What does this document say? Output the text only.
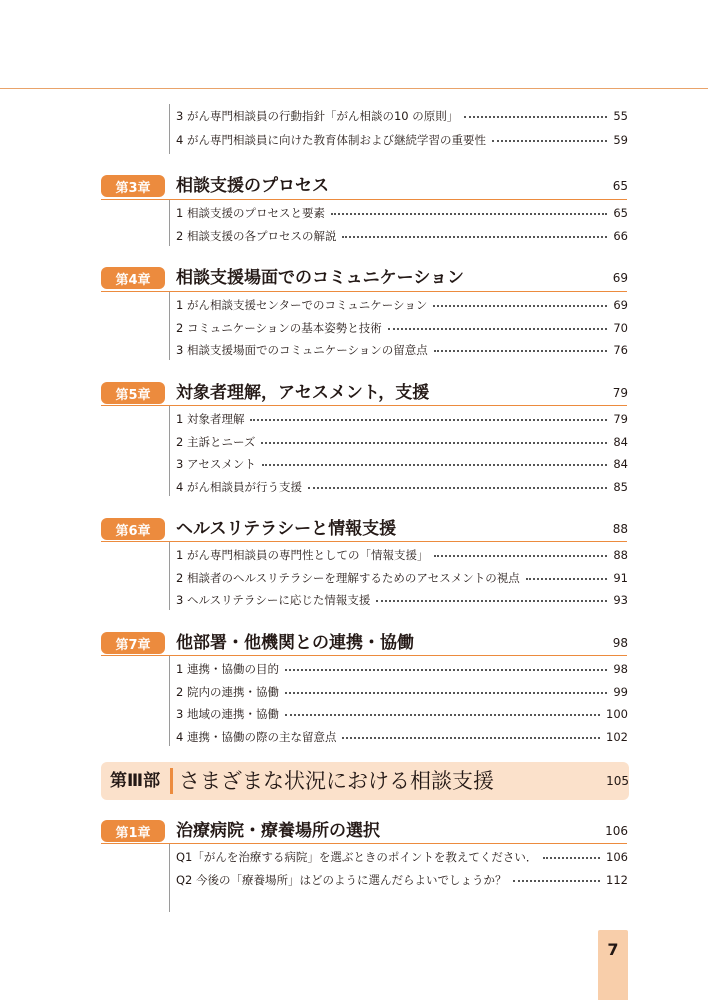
3 がん専門相談員の行動指針「がん相談の10 の原則」	55
4 がん専門相談員に向けた教育体制および継続学習の重要性	59
第3章	相談支援のプロセス	65
1 相談支援のプロセスと要素	65
2 相談支援の各プロセスの解説	66
第4章	相談支援場面でのコミュニケーション	69
1 がん相談支援センターでのコミュニケーション	69
2 コミュニケーションの基本姿勢と技術	70
3 相談支援場面でのコミュニケーションの留意点	76
第5章	対象者理解，アセスメント，支援	79
1 対象者理解	79
2 主訴とニーズ	84
3 アセスメント	84
4 がん相談員が行う支援	85
第6章	ヘルスリテラシーと情報支援	88
1 がん専門相談員の専門性としての「情報支援」	88
2 相談者のヘルスリテラシーを理解するためのアセスメントの視点	91
3 ヘルスリテラシーに応じた情報支援	93
第7章	他部署・他機関との連携・協働	98
1 連携・協働の目的	98
2 院内の連携・協働	99
3 地域の連携・協働	100
4 連携・協働の際の主な留意点	102
第Ⅲ部 さまざまな状況における相談支援	105
第1章	治療病院・療養場所の選択	106
Q1「がんを治療する病院」を選ぶときのポイントを教えてください．	106
Q2 今後の「療養場所」はどのように選んだらよいでしょうか？	112
7
